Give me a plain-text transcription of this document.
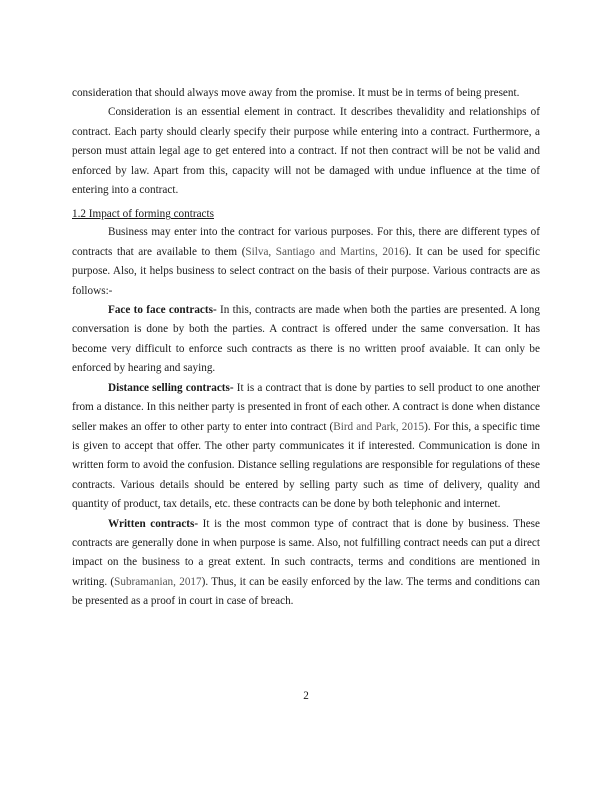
consideration that should always move away from the promise. It must be in terms of being present.

Consideration is an essential element in contract. It describes thevalidity and relationships of contract. Each party should clearly specify their purpose while entering into a contract. Furthermore, a person must attain legal age to get entered into a contract. If not then contract will be not be valid and enforced by law. Apart from this, capacity will not be damaged with undue influence at the time of entering into a contract.

1.2 Impact of forming contracts

Business may enter into the contract for various purposes. For this, there are different types of contracts that are available to them (Silva, Santiago and Martins, 2016). It can be used for specific purpose. Also, it helps business to select contract on the basis of their purpose. Various contracts are as follows:-

Face to face contracts- In this, contracts are made when both the parties are presented. A long conversation is done by both the parties. A contract is offered under the same conversation. It has become very difficult to enforce such contracts as there is no written proof avaiable. It can only be enforced by hearing and saying.

Distance selling contracts- It is a contract that is done by parties to sell product to one another from a distance. In this neither party is presented in front of each other. A contract is done when distance seller makes an offer to other party to enter into contract (Bird and Park, 2015). For this, a specific time is given to accept that offer. The other party communicates it if interested. Communication is done in written form to avoid the confusion. Distance selling regulations are responsible for regulations of these contracts. Various details should be entered by selling party such as time of delivery, quality and quantity of product, tax details, etc. these contracts can be done by both telephonic and internet.

Written contracts- It is the most common type of contract that is done by business. These contracts are generally done in when purpose is same. Also, not fulfilling contract needs can put a direct impact on the business to a great extent. In such contracts, terms and conditions are mentioned in writing. (Subramanian, 2017). Thus, it can be easily enforced by the law. The terms and conditions can be presented as a proof in court in case of breach.

2
